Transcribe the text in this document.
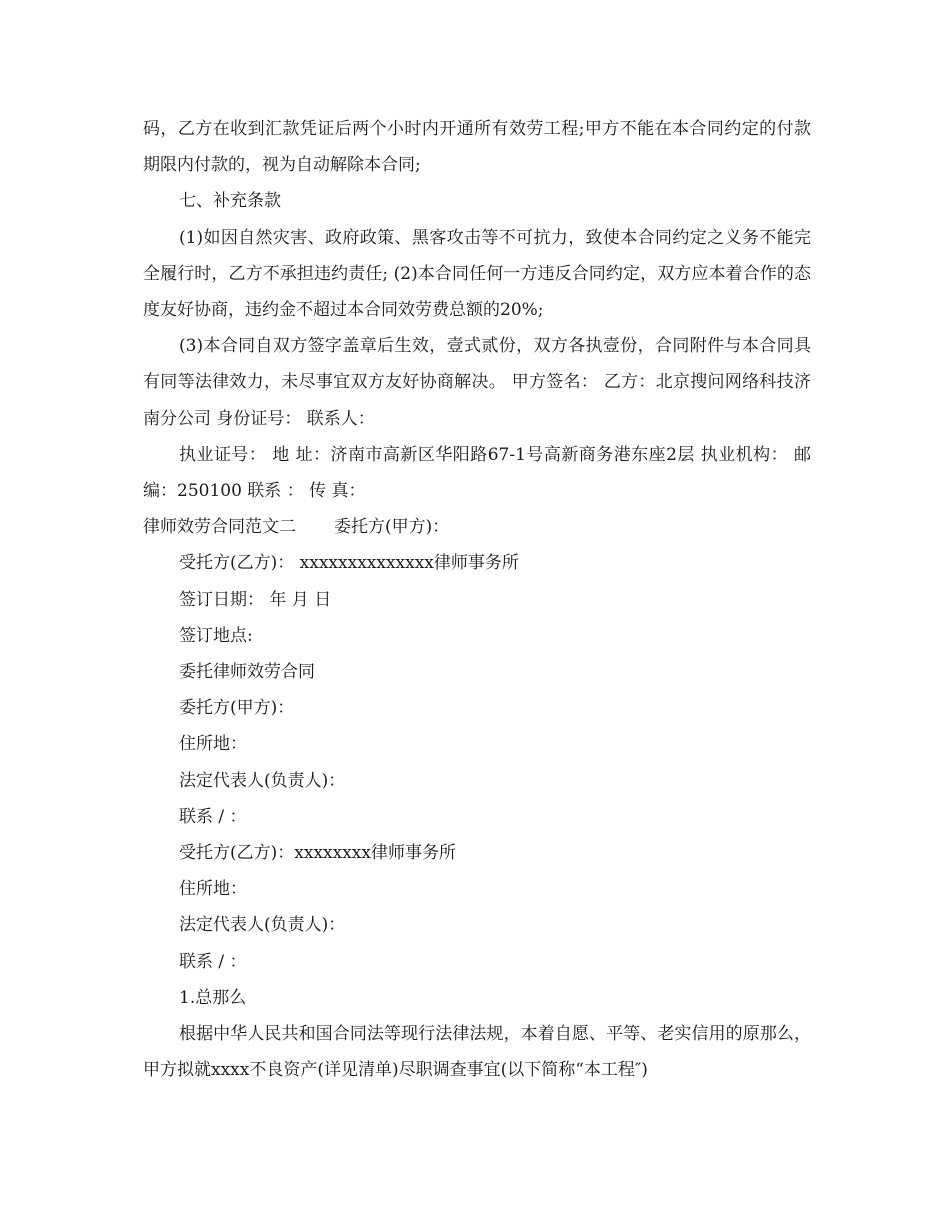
码，乙方在收到汇款凭证后两个小时内开通所有效劳工程;甲方不能在本合同约定的付款期限内付款的，视为自动解除本合同;

七、补充条款

(1)如因自然灾害、政府政策、黑客攻击等不可抗力，致使本合同约定之义务不能完全履行时，乙方不承担违约责任; (2)本合同任何一方违反合同约定，双方应本着合作的态度友好协商，违约金不超过本合同效劳费总额的20%;

(3)本合同自双方签字盖章后生效，壹式贰份，双方各执壹份，合同附件与本合同具有同等法律效力，未尽事宜双方友好协商解决。 甲方签名： 乙方：北京搜问网络科技济南分公司 身份证号： 联系人：

执业证号： 地 址：济南市高新区华阳路67-1号高新商务港东座2层 执业机构： 邮 编：250100 联系 ： 传 真：

律师效劳合同范文二 委托方(甲方)：

受托方(乙方)： xxxxxxxxxxxxxx律师事务所

签订日期： 年 月 日

签订地点:

委托律师效劳合同

委托方(甲方)：

住所地：

法定代表人(负责人)：

联系 / ：

受托方(乙方)：xxxxxxxx律师事务所

住所地：

法定代表人(负责人)：

联系 / ：

1.总那么

根据中华人民共和国合同法等现行法律法规，本着自愿、平等、老实信用的原那么，甲方拟就xxxx不良资产(详见清单)尽职调查事宜(以下简称“本工程″)
